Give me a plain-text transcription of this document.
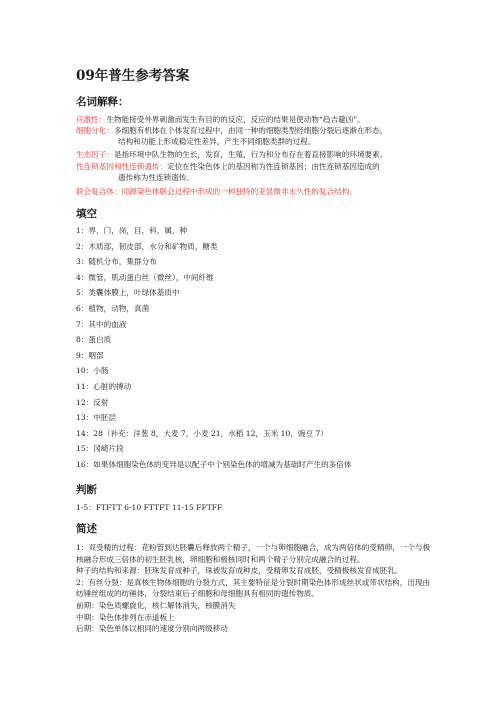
09年普生参考答案
名词解释：
应激性：生物能接受外界刺激而发生有目的的反应，反应的结果是使动物“趋吉避凶”。
细胞分化：多细胞有机体在个体发育过程中，由同一种的细胞类型经细胞分裂后逐渐在形态，
结构和功能上形成稳定性差异，产生不同细胞类群的过程。
生态因子：是指环境中队生物的生长，发育，生殖，行为和分布存在着直接影响的环境要素。
性连锁基因和性连锁遗传：定位在性染色体上的基因称为性连锁基因；由性连锁基因造成的
遗传称为性连锁遗传。
联会复合体：同源染色体联会过程中形成的一种独特的亚显微非永久性的复合结构。
填空
1：界，门，岗，目，科，属，种
2：木质部，韧皮部，水分和矿物质，糖类
3：随机分布，集群分布
4：微管，肌动蛋白丝（微丝），中间纤维
5：类囊体膜上，叶绿体基质中
6：植物，动物，真菌
7：其中的血液
8：蛋白质
9：咽部
10：小肠
11：心脏的搏动
12：反射
13：中胚层
14：28（补充：洋葱 8，大麦 7，小麦 21，水稻 12，玉米 10，豌豆 7）
15：冈崎片段
16：如果体细胞染色体的变异是以配子中个别染色体的增减为基础时产生的多倍体
判断
1-5：FTFTT 6-10 FTTFT 11-15 FFTFF
简述
1：双受精的过程：花粉管到达胚囊后释放两个精子，一个与卵细胞融合，成为两倍体的受精卵，一个与极核融合形成三倍体的初生胚乳核，卵细胞和极核同时和两个精子分别完成融合的过程。
种子的结构和来源：胚珠发育成种子，珠被发育成种皮，受精卵发育成胚，受精极核发育成胚乳。
2：有丝分裂：是真核生物体细胞的分裂方式，其主要特征是分裂时期染色体形成丝状或带状结构，出现由纺锤丝组成的纺锤体，分裂结束后子细胞和母细胞具有相同的遗传物质。
前期：染色质螺旋化，核仁解体消失，核膜消失
中期：染色体排列在赤道板上
后期：染色单体以相同的速度分别向两级移动
